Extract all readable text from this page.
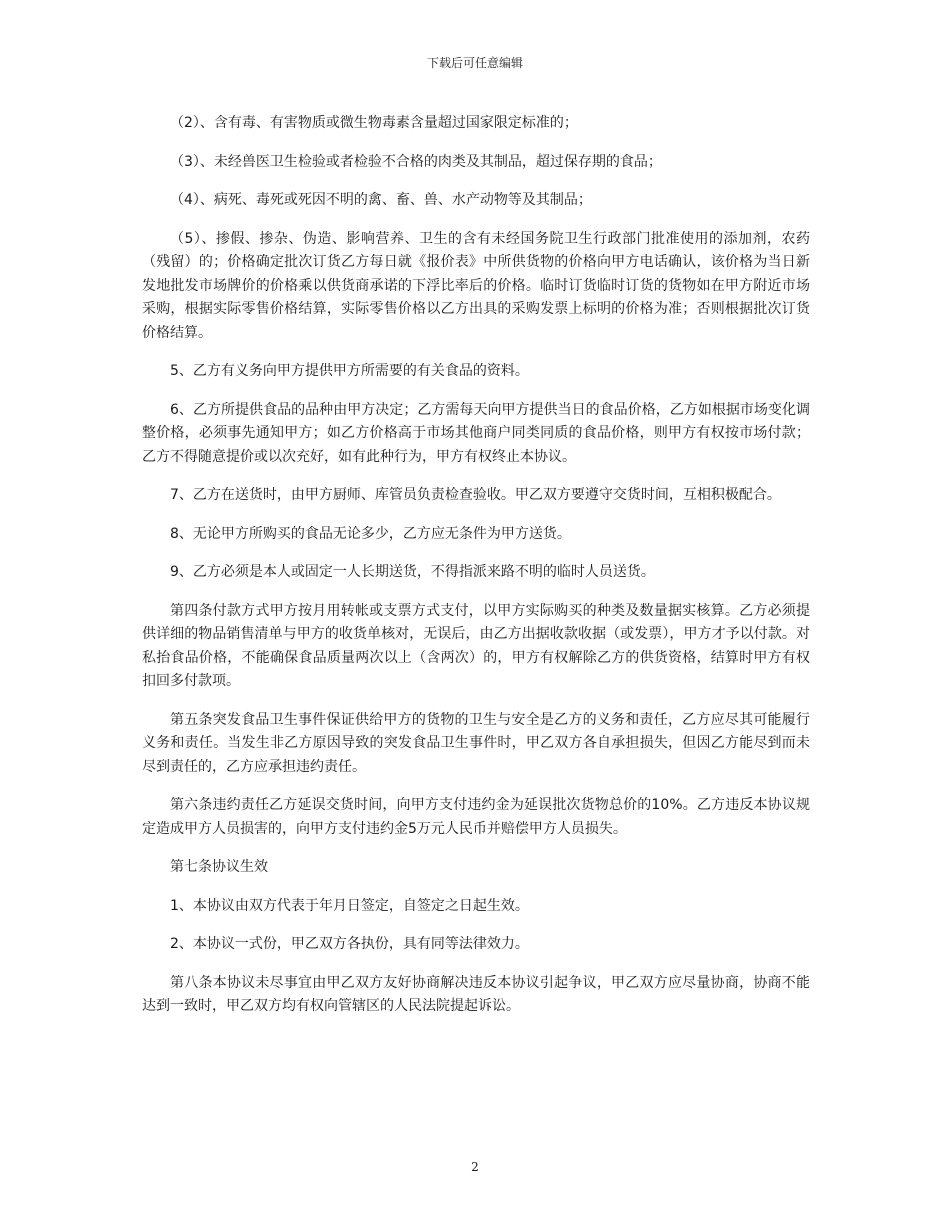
下载后可任意编辑

（2）、含有毒、有害物质或微生物毒素含量超过国家限定标准的；

（3）、未经兽医卫生检验或者检验不合格的肉类及其制品，超过保存期的食品；

（4）、病死、毒死或死因不明的禽、畜、兽、水产动物等及其制品；

（5）、掺假、掺杂、伪造、影响营养、卫生的含有未经国务院卫生行政部门批准使用的添加剂，农药（残留）的；价格确定批次订货乙方每日就《报价表》中所供货物的价格向甲方电话确认，该价格为当日新发地批发市场牌价的价格乘以供货商承诺的下浮比率后的价格。临时订货临时订货的货物如在甲方附近市场采购，根据实际零售价格结算，实际零售价格以乙方出具的采购发票上标明的价格为准；否则根据批次订货价格结算。

5、乙方有义务向甲方提供甲方所需要的有关食品的资料。

6、乙方所提供食品的品种由甲方决定；乙方需每天向甲方提供当日的食品价格，乙方如根据市场变化调整价格，必须事先通知甲方；如乙方价格高于市场其他商户同类同质的食品价格，则甲方有权按市场付款；乙方不得随意提价或以次充好，如有此种行为，甲方有权终止本协议。

7、乙方在送货时，由甲方厨师、库管员负责检查验收。甲乙双方要遵守交货时间，互相积极配合。

8、无论甲方所购买的食品无论多少，乙方应无条件为甲方送货。

9、乙方必须是本人或固定一人长期送货，不得指派来路不明的临时人员送货。

第四条付款方式甲方按月用转帐或支票方式支付，以甲方实际购买的种类及数量据实核算。乙方必须提供详细的物品销售清单与甲方的收货单核对，无误后，由乙方出据收款收据（或发票），甲方才予以付款。对私抬食品价格，不能确保食品质量两次以上（含两次）的，甲方有权解除乙方的供货资格，结算时甲方有权扣回多付款项。

第五条突发食品卫生事件保证供给甲方的货物的卫生与安全是乙方的义务和责任，乙方应尽其可能履行义务和责任。当发生非乙方原因导致的突发食品卫生事件时，甲乙双方各自承担损失，但因乙方能尽到而未尽到责任的，乙方应承担违约责任。

第六条违约责任乙方延误交货时间，向甲方支付违约金为延误批次货物总价的10%。乙方违反本协议规定造成甲方人员损害的，向甲方支付违约金5万元人民币并赔偿甲方人员损失。

第七条协议生效

1、本协议由双方代表于年月日签定，自签定之日起生效。

2、本协议一式份，甲乙双方各执份，具有同等法律效力。

第八条本协议未尽事宜由甲乙双方友好协商解决违反本协议引起争议，甲乙双方应尽量协商，协商不能达到一致时，甲乙双方均有权向管辖区的人民法院提起诉讼。

2
